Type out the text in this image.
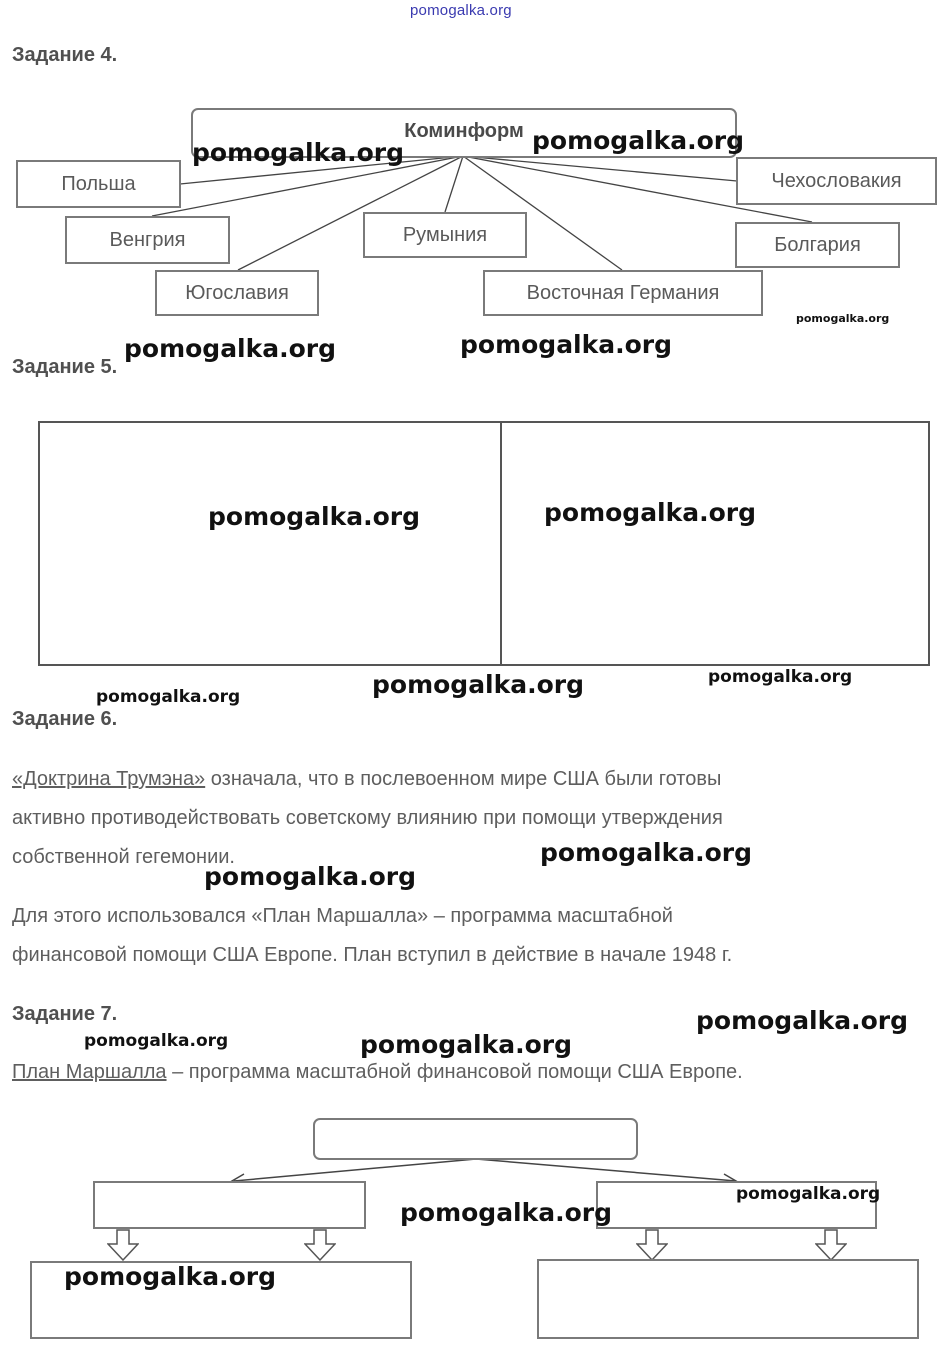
pomogalka.org
Задание 4.
Коминформ
Польша
Венгрия
Югославия
Румыния
Восточная Германия
Чехословакия
Болгария
Задание 5.
Задание 6.
«Доктрина Трумэна» означала, что в послевоенном мире США были готовы
активно противодействовать советскому влиянию при помощи утверждения
собственной гегемонии.
Для этого использовался «План Маршалла» – программа масштабной
финансовой помощи США Европе. План вступил в действие в начале 1948 г.
Задание 7.
План Маршалла – программа масштабной финансовой помощи США Европе.
pomogalka.org	pomogalka.org
pomogalka.org
pomogalka.org	pomogalka.org
pomogalka.org	pomogalka.org
pomogalka.org	pomogalka.org	pomogalka.org
pomogalka.org
pomogalka.org
pomogalka.org
pomogalka.org	pomogalka.org
pomogalka.org
pomogalka.org
pomogalka.org
